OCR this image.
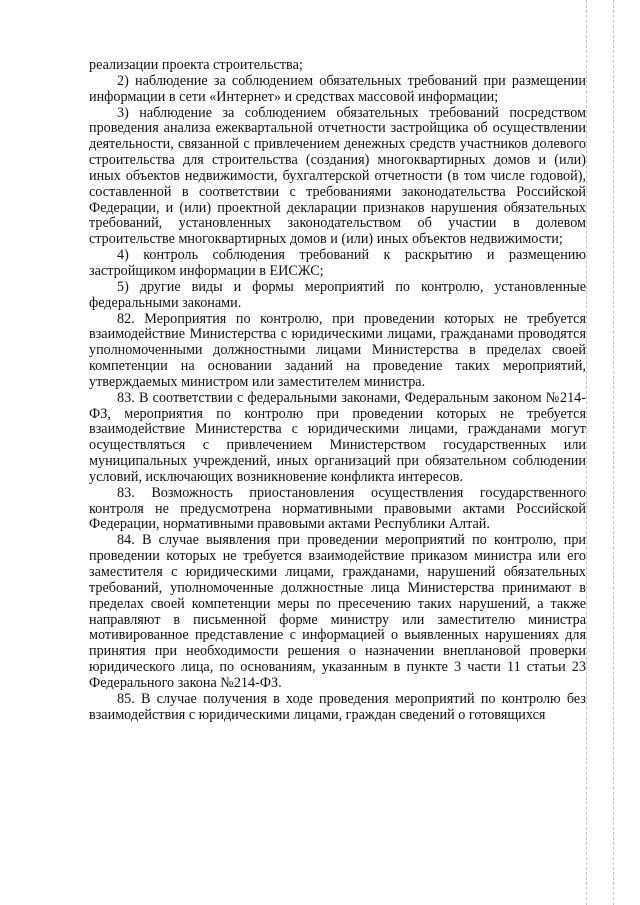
реализации проекта строительства;

2) наблюдение за соблюдением обязательных требований при размещении информации в сети «Интернет» и средствах массовой информации;

3) наблюдение за соблюдением обязательных требований посредством проведения анализа ежеквартальной отчетности застройщика об осуществлении деятельности, связанной с привлечением денежных средств участников долевого строительства для строительства (создания) многоквартирных домов и (или) иных объектов недвижимости, бухгалтерской отчетности (в том числе годовой), составленной в соответствии с требованиями законодательства Российской Федерации, и (или) проектной декларации признаков нарушения обязательных требований, установленных законодательством об участии в долевом строительстве многоквартирных домов и (или) иных объектов недвижимости;

4) контроль соблюдения требований к раскрытию и размещению застройщиком информации в ЕИСЖС;

5) другие виды и формы мероприятий по контролю, установленные федеральными законами.

82. Мероприятия по контролю, при проведении которых не требуется взаимодействие Министерства с юридическими лицами, гражданами проводятся уполномоченными должностными лицами Министерства в пределах своей компетенции на основании заданий на проведение таких мероприятий, утверждаемых министром или заместителем министра.

83. В соответствии с федеральными законами, Федеральным законом №214-ФЗ, мероприятия по контролю при проведении которых не требуется взаимодействие Министерства с юридическими лицами, гражданами могут осуществляться с привлечением Министерством государственных или муниципальных учреждений, иных организаций при обязательном соблюдении условий, исключающих возникновение конфликта интересов.

83. Возможность приостановления осуществления государственного контроля не предусмотрена нормативными правовыми актами Российской Федерации, нормативными правовыми актами Республики Алтай.

84. В случае выявления при проведении мероприятий по контролю, при проведении которых не требуется взаимодействие приказом министра или его заместителя с юридическими лицами, гражданами, нарушений обязательных требований, уполномоченные должностные лица Министерства принимают в пределах своей компетенции меры по пресечению таких нарушений, а также направляют в письменной форме министру или заместителю министра мотивированное представление с информацией о выявленных нарушениях для принятия при необходимости решения о назначении внеплановой проверки юридического лица, по основаниям, указанным в пункте 3 части 11 статьи 23 Федерального закона №214-ФЗ.

85. В случае получения в ходе проведения мероприятий по контролю без взаимодействия с юридическими лицами, граждан сведений о готовящихся
